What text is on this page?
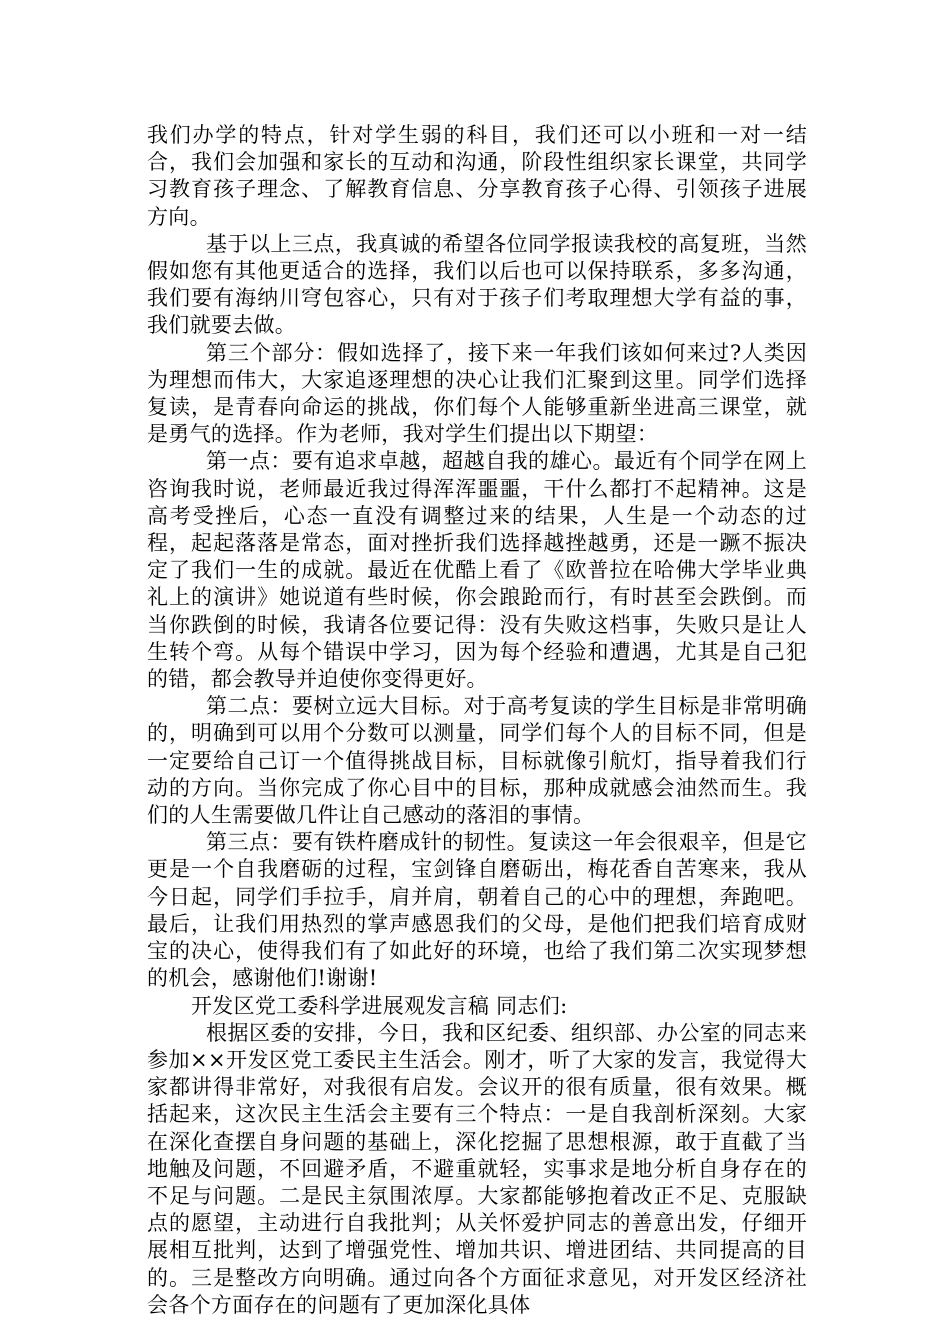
我们办学的特点，针对学生弱的科目，我们还可以小班和一对一结合，我们会加强和家长的互动和沟通，阶段性组织家长课堂，共同学习教育孩子理念、了解教育信息、分享教育孩子心得、引领孩子进展方向。

基于以上三点，我真诚的希望各位同学报读我校的高复班，当然假如您有其他更适合的选择，我们以后也可以保持联系，多多沟通，我们要有海纳川穹包容心，只有对于孩子们考取理想大学有益的事，我们就要去做。

第三个部分：假如选择了，接下来一年我们该如何来过?人类因为理想而伟大，大家追逐理想的决心让我们汇聚到这里。同学们选择复读，是青春向命运的挑战，你们每个人能够重新坐进高三课堂，就是勇气的选择。作为老师，我对学生们提出以下期望：

第一点：要有追求卓越，超越自我的雄心。最近有个同学在网上咨询我时说，老师最近我过得浑浑噩噩，干什么都打不起精神。这是高考受挫后，心态一直没有调整过来的结果，人生是一个动态的过程，起起落落是常态，面对挫折我们选择越挫越勇，还是一蹶不振决定了我们一生的成就。最近在优酷上看了《欧普拉在哈佛大学毕业典礼上的演讲》她说道有些时候，你会踉跄而行，有时甚至会跌倒。而当你跌倒的时候，我请各位要记得：没有失败这档事，失败只是让人生转个弯。从每个错误中学习，因为每个经验和遭遇，尤其是自己犯的错，都会教导并迫使你变得更好。

第二点：要树立远大目标。对于高考复读的学生目标是非常明确的，明确到可以用个分数可以测量，同学们每个人的目标不同，但是一定要给自己订一个值得挑战目标，目标就像引航灯，指导着我们行动的方向。当你完成了你心目中的目标，那种成就感会油然而生。我们的人生需要做几件让自己感动的落泪的事情。

第三点：要有铁杵磨成针的韧性。复读这一年会很艰辛，但是它更是一个自我磨砺的过程，宝剑锋自磨砺出，梅花香自苦寒来，我从今日起，同学们手拉手，肩并肩，朝着自己的心中的理想，奔跑吧。最后，让我们用热烈的掌声感恩我们的父母，是他们把我们培育成财宝的决心，使得我们有了如此好的环境，也给了我们第二次实现梦想的机会，感谢他们!谢谢!

开发区党工委科学进展观发言稿 同志们:

根据区委的安排，今日，我和区纪委、组织部、办公室的同志来参加××开发区党工委民主生活会。刚才，听了大家的发言，我觉得大家都讲得非常好，对我很有启发。会议开的很有质量，很有效果。概括起来，这次民主生活会主要有三个特点：一是自我剖析深刻。大家在深化查摆自身问题的基础上，深化挖掘了思想根源，敢于直截了当地触及问题，不回避矛盾，不避重就轻，实事求是地分析自身存在的不足与问题。二是民主氛围浓厚。大家都能够抱着改正不足、克服缺点的愿望，主动进行自我批判；从关怀爱护同志的善意出发，仔细开展相互批判，达到了增强党性、增加共识、增进团结、共同提高的目的。三是整改方向明确。通过向各个方面征求意见，对开发区经济社会各个方面存在的问题有了更加深化具体
